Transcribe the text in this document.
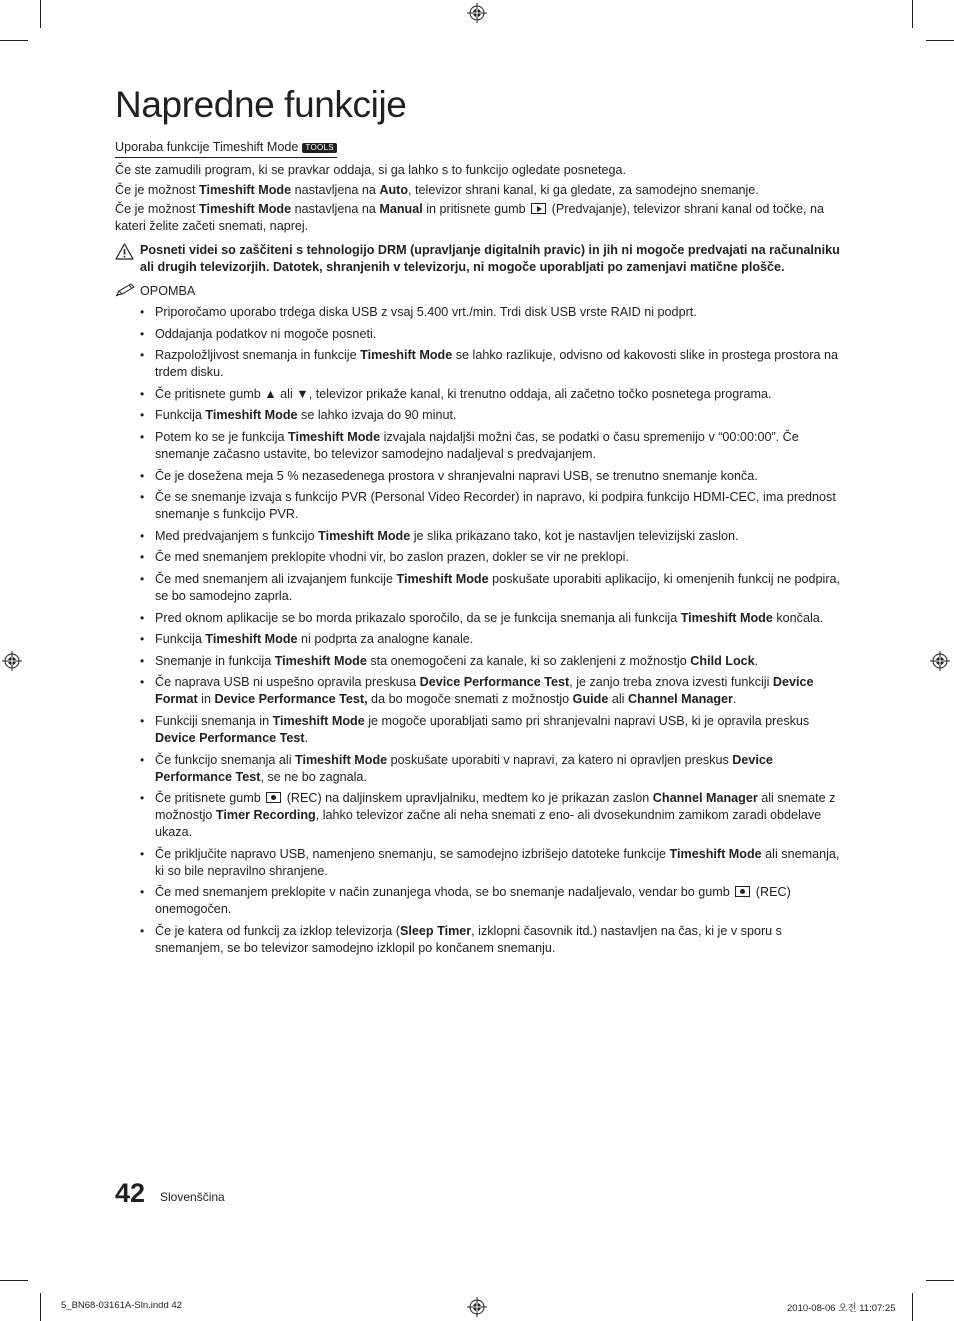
Napredne funkcije
Uporaba funkcije Timeshift Mode TOOLS
Če ste zamudili program, ki se pravkar oddaja, si ga lahko s to funkcijo ogledate posnetega.
Če je možnost Timeshift Mode nastavljena na Auto, televizor shrani kanal, ki ga gledate, za samodejno snemanje.
Če je možnost Timeshift Mode nastavljena na Manual in pritisnete gumb  (Predvajanje), televizor shrani kanal od točke, na kateri želite začeti snemati, naprej.
Posneti videi so zaščiteni s tehnologijo DRM (upravljanje digitalnih pravic) in jih ni mogoče predvajati na računalniku ali drugih televizorjih. Datotek, shranjenih v televizorju, ni mogoče uporabljati po zamenjavi matične plošče.
OPOMBA
• Priporočamo uporabo trdega diska USB z vsaj 5.400 vrt./min. Trdi disk USB vrste RAID ni podprt.
• Oddajanja podatkov ni mogoče posneti.
• Razpoložljivost snemanja in funkcije Timeshift Mode se lahko razlikuje, odvisno od kakovosti slike in prostega prostora na trdem disku.
• Če pritisnete gumb ▲ ali ▼, televizor prikaže kanal, ki trenutno oddaja, ali začetno točko posnetega programa.
• Funkcija Timeshift Mode se lahko izvaja do 90 minut.
• Potem ko se je funkcija Timeshift Mode izvajala najdaljši možni čas, se podatki o času spremenijo v “00:00:00”. Če snemanje začasno ustavite, bo televizor samodejno nadaljeval s predvajanjem.
• Če je dosežena meja 5 % nezasedenega prostora v shranjevalni napravi USB, se trenutno snemanje konča.
• Če se snemanje izvaja s funkcijo PVR (Personal Video Recorder) in napravo, ki podpira funkcijo HDMI-CEC, ima prednost snemanje s funkcijo PVR.
• Med predvajanjem s funkcijo Timeshift Mode je slika prikazano tako, kot je nastavljen televizijski zaslon.
• Če med snemanjem preklopite vhodni vir, bo zaslon prazen, dokler se vir ne preklopi.
• Če med snemanjem ali izvajanjem funkcije Timeshift Mode poskušate uporabiti aplikacijo, ki omenjenih funkcij ne podpira, se bo samodejno zaprla.
• Pred oknom aplikacije se bo morda prikazalo sporočilo, da se je funkcija snemanja ali funkcija Timeshift Mode končala.
• Funkcija Timeshift Mode ni podprta za analogne kanale.
• Snemanje in funkcija Timeshift Mode sta onemogočeni za kanale, ki so zaklenjeni z možnostjo Child Lock.
• Če naprava USB ni uspešno opravila preskusa Device Performance Test, je zanjo treba znova izvesti funkciji Device Format in Device Performance Test, da bo mogoče snemati z možnostjo Guide ali Channel Manager.
• Funkciji snemanja in Timeshift Mode je mogoče uporabljati samo pri shranjevalni napravi USB, ki je opravila preskus Device Performance Test.
• Če funkcijo snemanja ali Timeshift Mode poskušate uporabiti v napravi, za katero ni opravljen preskus Device Performance Test, se ne bo zagnala.
• Če pritisnete gumb  (REC) na daljinskem upravljalniku, medtem ko je prikazan zaslon Channel Manager ali snemate z možnostjo Timer Recording, lahko televizor začne ali neha snemati z eno- ali dvosekundnim zamikom zaradi obdelave ukaza.
• Če priključite napravo USB, namenjeno snemanju, se samodejno izbrišejo datoteke funkcije Timeshift Mode ali snemanja, ki so bile nepravilno shranjene.
• Če med snemanjem preklopite v način zunanjega vhoda, se bo snemanje nadaljevalo, vendar bo gumb  (REC) onemogočen.
• Če je katera od funkcij za izklop televizorja (Sleep Timer, izklopni časovnik itd.) nastavljen na čas, ki je v sporu s snemanjem, se bo televizor samodejno izklopil po končanem snemanju.
42 Slovenščina
5_BN68-03161A-Sln.indd 42	2010-08-06 오전 11:07:25
